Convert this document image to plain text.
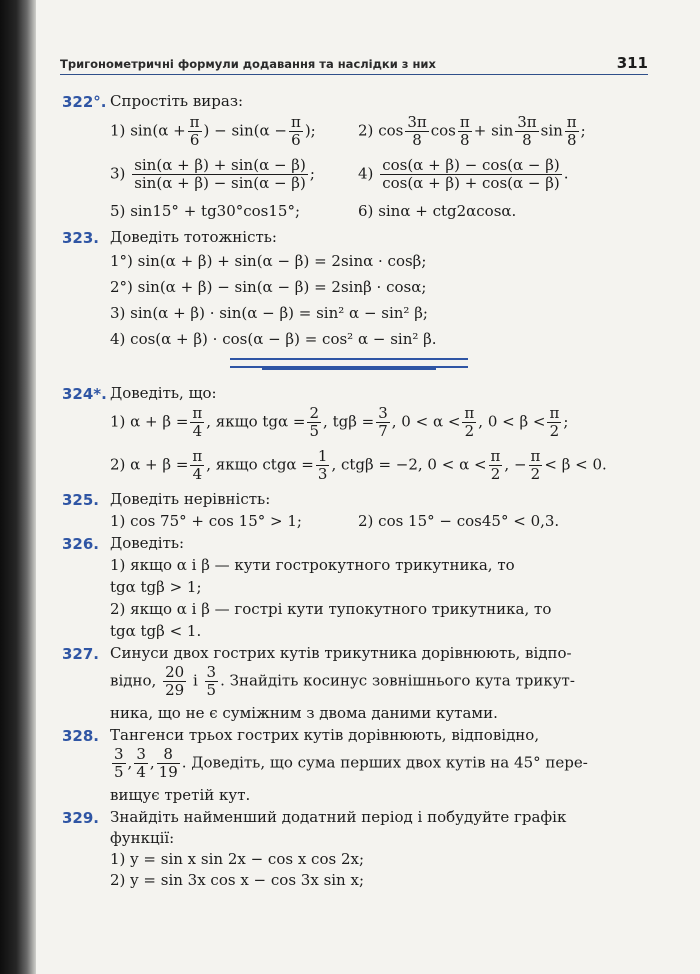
Тригонометричні формули додавання та наслідки з них	311
322°. Спростіть вираз:
1) $\sin(\alpha + \frac{\pi}{6}$ ) − $\sin(\alpha - \frac{\pi}{6}$ );	2) $\cos \frac{3\pi}{8}$ $\cos \frac{\pi}{8} + \sin \frac{3\pi}{8}$ $\sin \frac{\pi}{8}$ ;
$3) \frac{\sin(\alpha + \beta) + \sin(\alpha - \beta)}{\sin(\alpha + \beta) - \sin(\alpha - \beta)}$ ;	$4) \frac{\cos(\alpha + \beta) - \cos(\alpha - \beta)}{\cos(\alpha + \beta) + \cos(\alpha - \beta)}$ .
5) sin15° + tg30°cos15°;	6) sinα + ctg2αcosα.
323. Доведіть тотожність:
1°) sin(α + β) + sin(α − β) = 2sinα · cosβ;
2°) sin(α + β) − sin(α − β) = 2sinβ · cosα;
3) sin(α + β) · sin(α − β) = sin² α − sin² β;
4) cos(α + β) · cos(α − β) = cos² α − sin² β.
324*. Доведіть, що:
1) $\alpha + \beta = \frac{\pi}{4}$ , якщо $tg\alpha = \frac{2}{5}$ , $tg\beta = \frac{3}{7}$ , $0 < \alpha < \frac{\pi}{2}$ , $0 < \beta < \frac{\pi}{2}$ ;
2) $\alpha + \beta = \frac{\pi}{4}$ , якщо $ctg\alpha = \frac{1}{3}$ , ctgβ = −2, $0 < \alpha < \frac{\pi}{2}$ , − $\frac{\pi}{2} < \beta < 0$.
325. Доведіть нерівність:
1) cos 75° + cos 15° > 1;	2) cos 15° − cos45° < 0,3.
326. Доведіть:
1) якщо α і β — кути гострокутного трикутника, то
tgα tgβ > 1;
2) якщо α і β — гострі кути тупокутного трикутника, то
tgα tgβ < 1.
327. Синуси двох гострих кутів трикутника дорівнюють, відпо-
відно, $\frac{20}{29}$ і $\frac{3}{5}$ . Знайдіть косинус зовнішнього кута трикут-
ника, що не є суміжним з двома даними кутами.
328. Тангенси трьох гострих кутів дорівнюють, відповідно,
$\frac{3}{5}$ , $\frac{3}{4}$ , $\frac{8}{19}$ . Доведіть, що сума перших двох кутів на 45° пере-
вищує третій кут.
329. Знайдіть найменший додатний період і побудуйте графік
функції:
1) y = sin x sin 2x − cos x cos 2x;
2) y = sin 3x cos x − cos 3x sin x;
